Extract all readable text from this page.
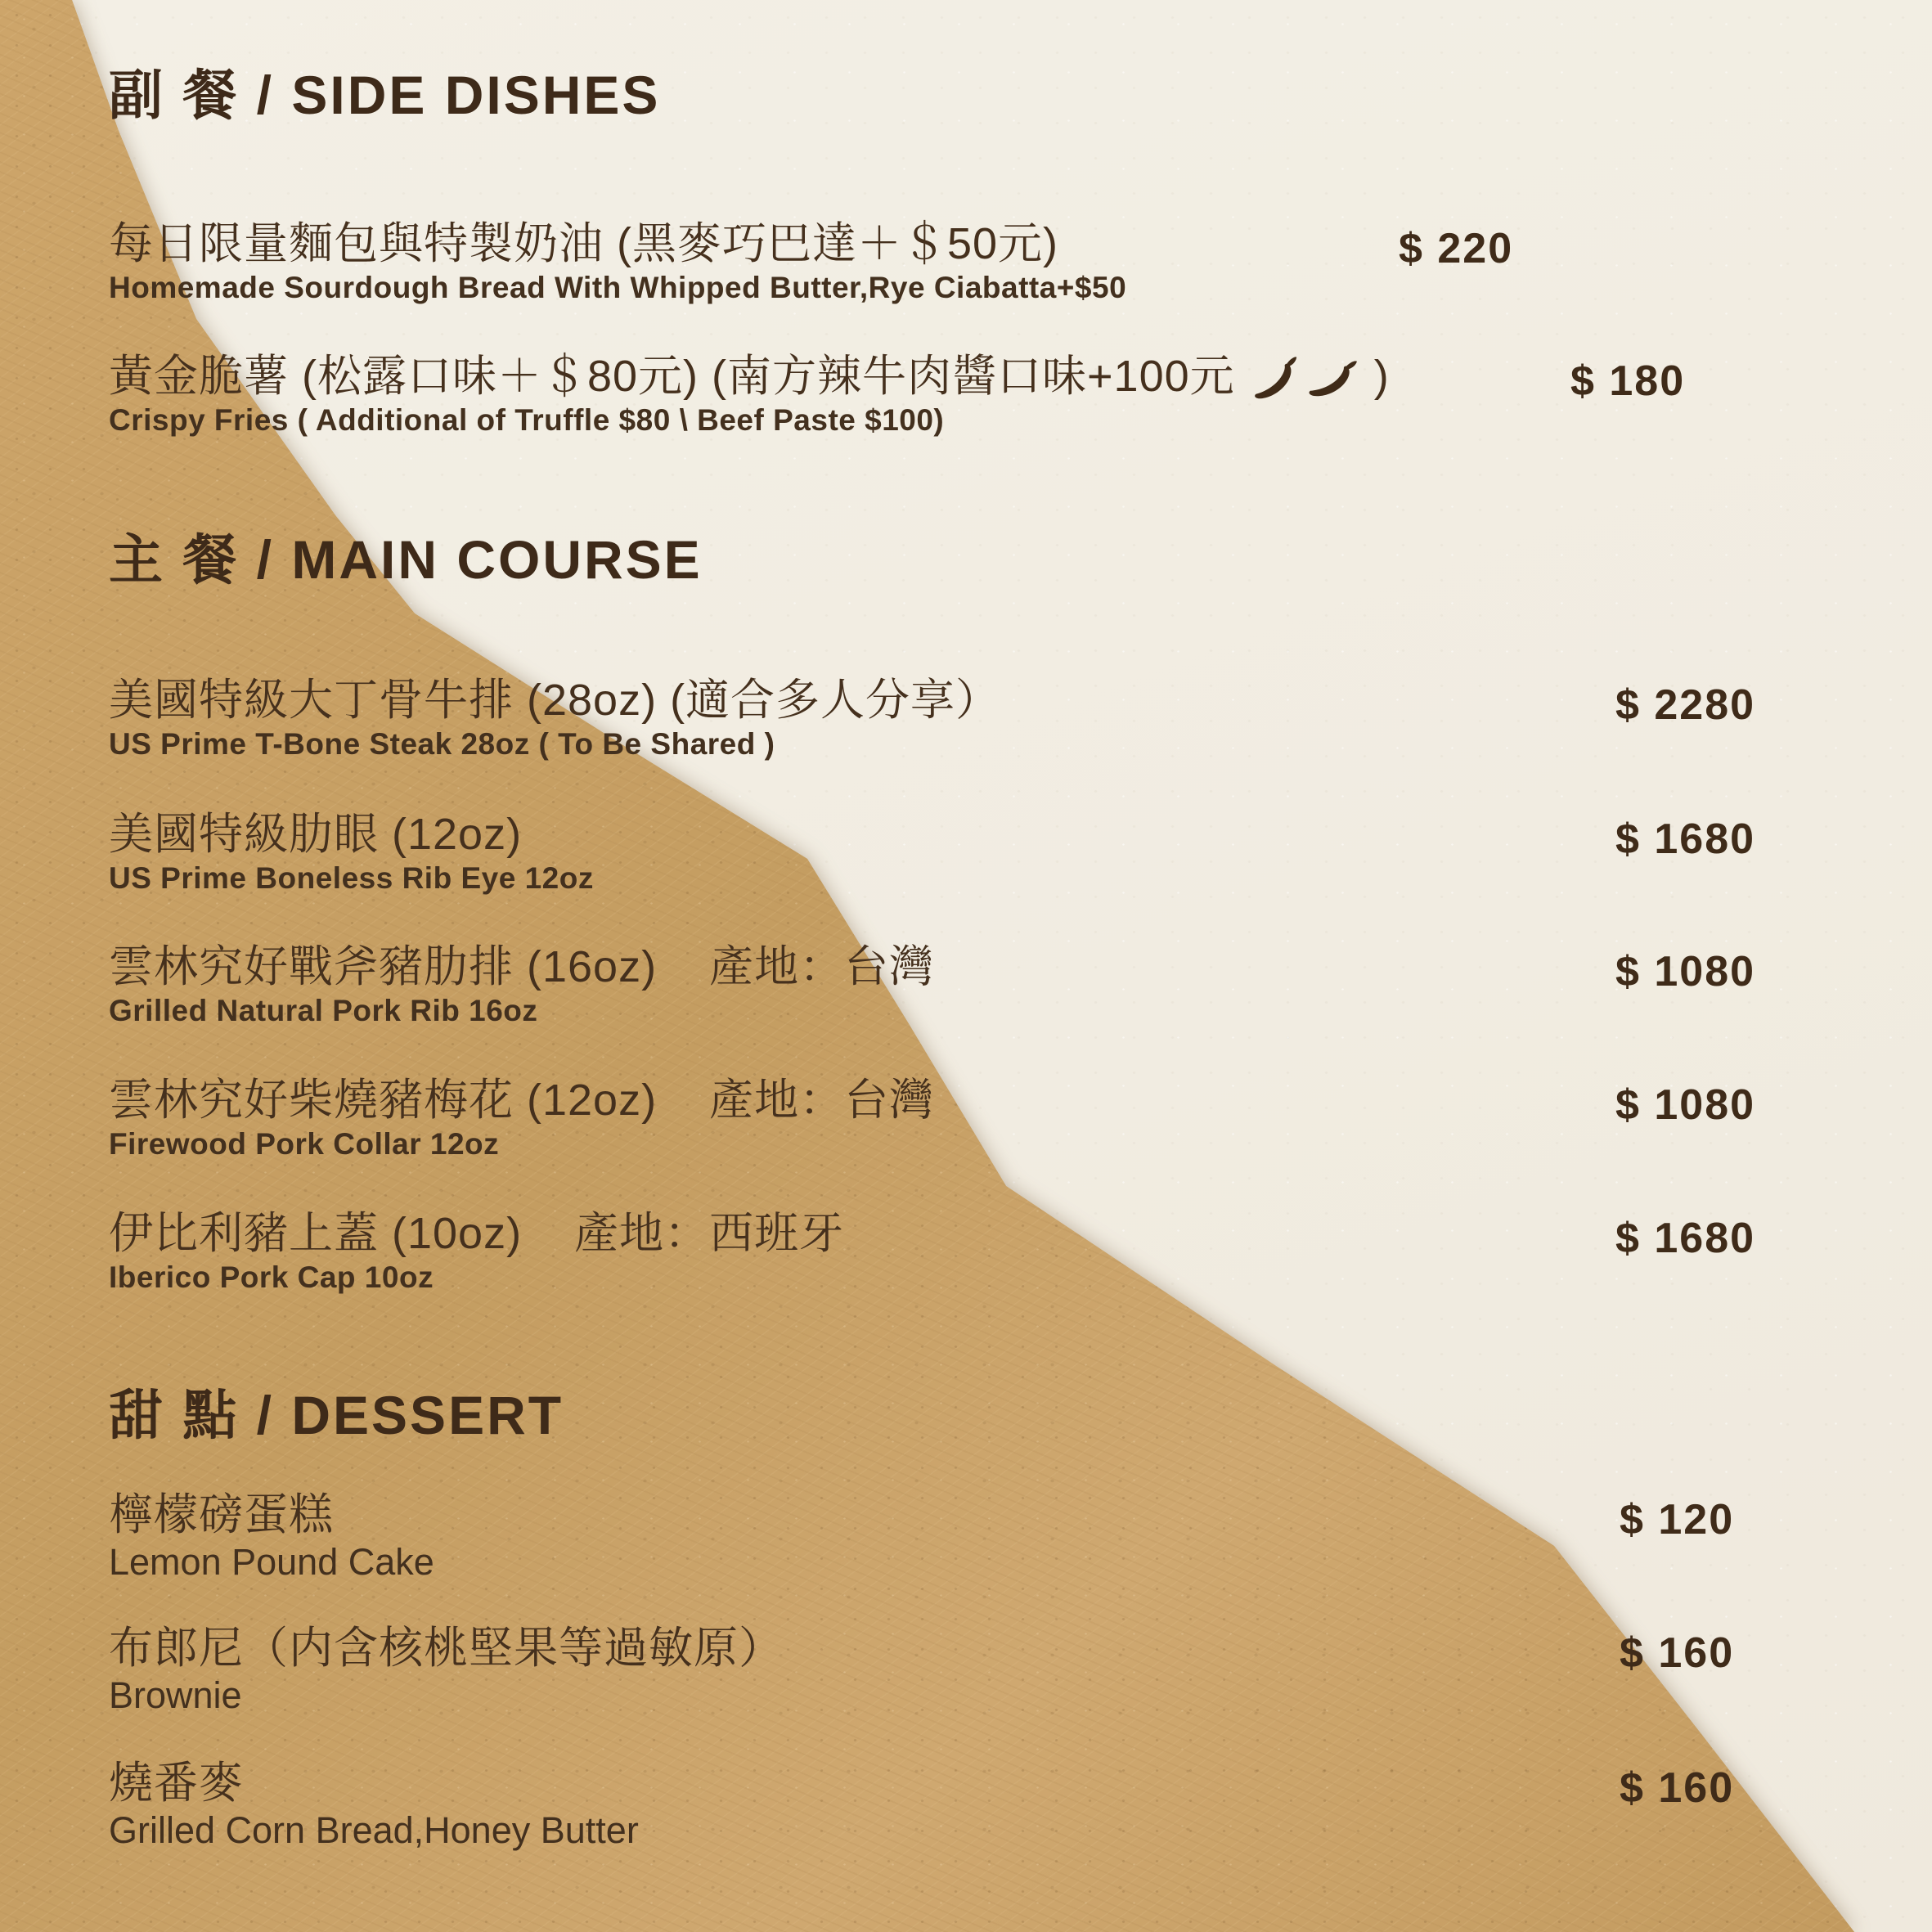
副 餐 / SIDE DISHES
每日限量麵包與特製奶油 (黑麥巧巴達＋＄50元)
Homemade Sourdough Bread With Whipped Butter,Rye Ciabatta+$50
$ 220
黃金脆薯 (松露口味＋＄80元) (南方辣牛肉醬口味+100元	)
Crispy Fries ( Additional of Truffle $80 \ Beef Paste $100)
$ 180
主 餐 / MAIN COURSE
美國特級大丁骨牛排 (28oz) (適合多人分享）
US Prime T-Bone Steak 28oz ( To Be Shared )
$ 2280
美國特級肋眼 (12oz)
US Prime Boneless Rib Eye 12oz
$ 1680
雲林究好戰斧豬肋排 (16oz) 產地：台灣
Grilled Natural Pork Rib 16oz
$ 1080
雲林究好柴燒豬梅花 (12oz) 產地：台灣
Firewood Pork Collar 12oz
$ 1080
伊比利豬上蓋 (10oz) 產地：西班牙
Iberico Pork Cap 10oz
$ 1680
甜 點 / DESSERT
檸檬磅蛋糕
Lemon Pound Cake
$ 120
布郎尼（内含核桃堅果等過敏原）
Brownie
$ 160
燒番麥
Grilled Corn Bread,Honey Butter
$ 160
